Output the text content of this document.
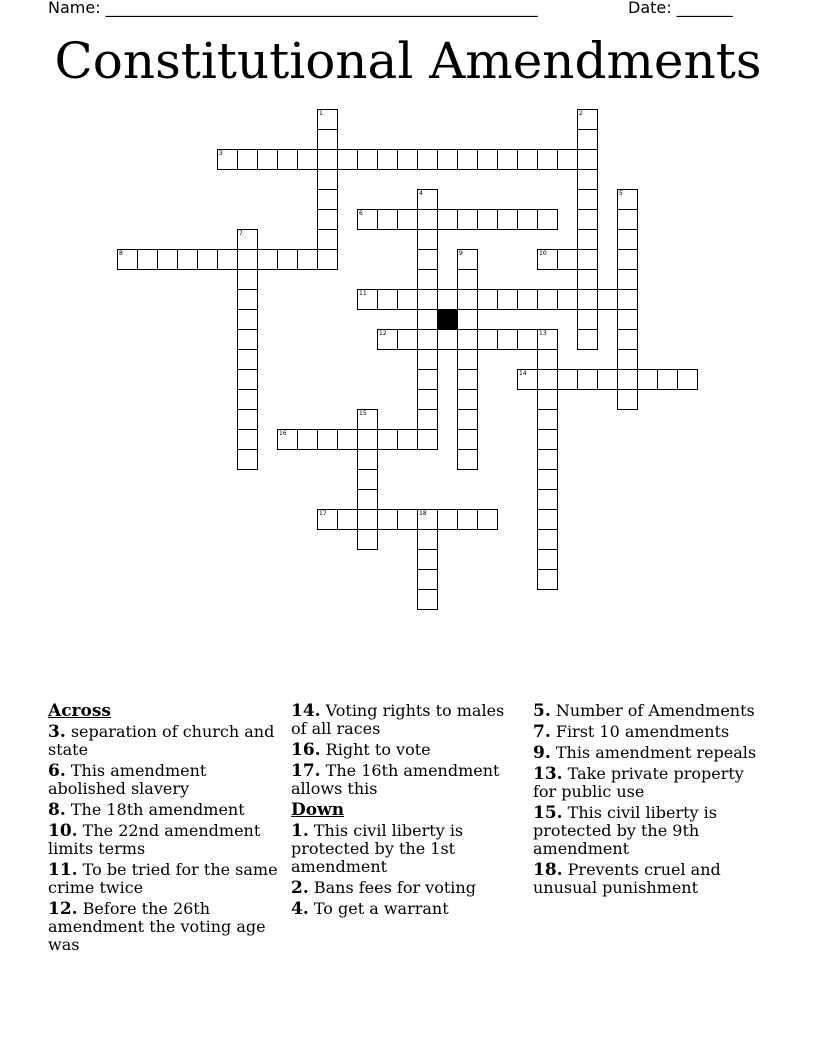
Name: ______________________________________________________	Date: _______
Constitutional Amendments
1	2
3
4	5
6
7
8	9	10
11
12	13
14
15
16
17	18
Across
3. separation of church and state
6. This amendment abolished slavery
8. The 18th amendment
10. The 22nd amendment limits terms
11. To be tried for the same crime twice
12. Before the 26th amendment the voting age was
14. Voting rights to males of all races
16. Right to vote
17. The 16th amendment allows this
Down
1. This civil liberty is protected by the 1st amendment
2. Bans fees for voting
4. To get a warrant
5. Number of Amendments
7. First 10 amendments
9. This amendment repeals
13. Take private property for public use
15. This civil liberty is protected by the 9th amendment
18. Prevents cruel and unusual punishment
